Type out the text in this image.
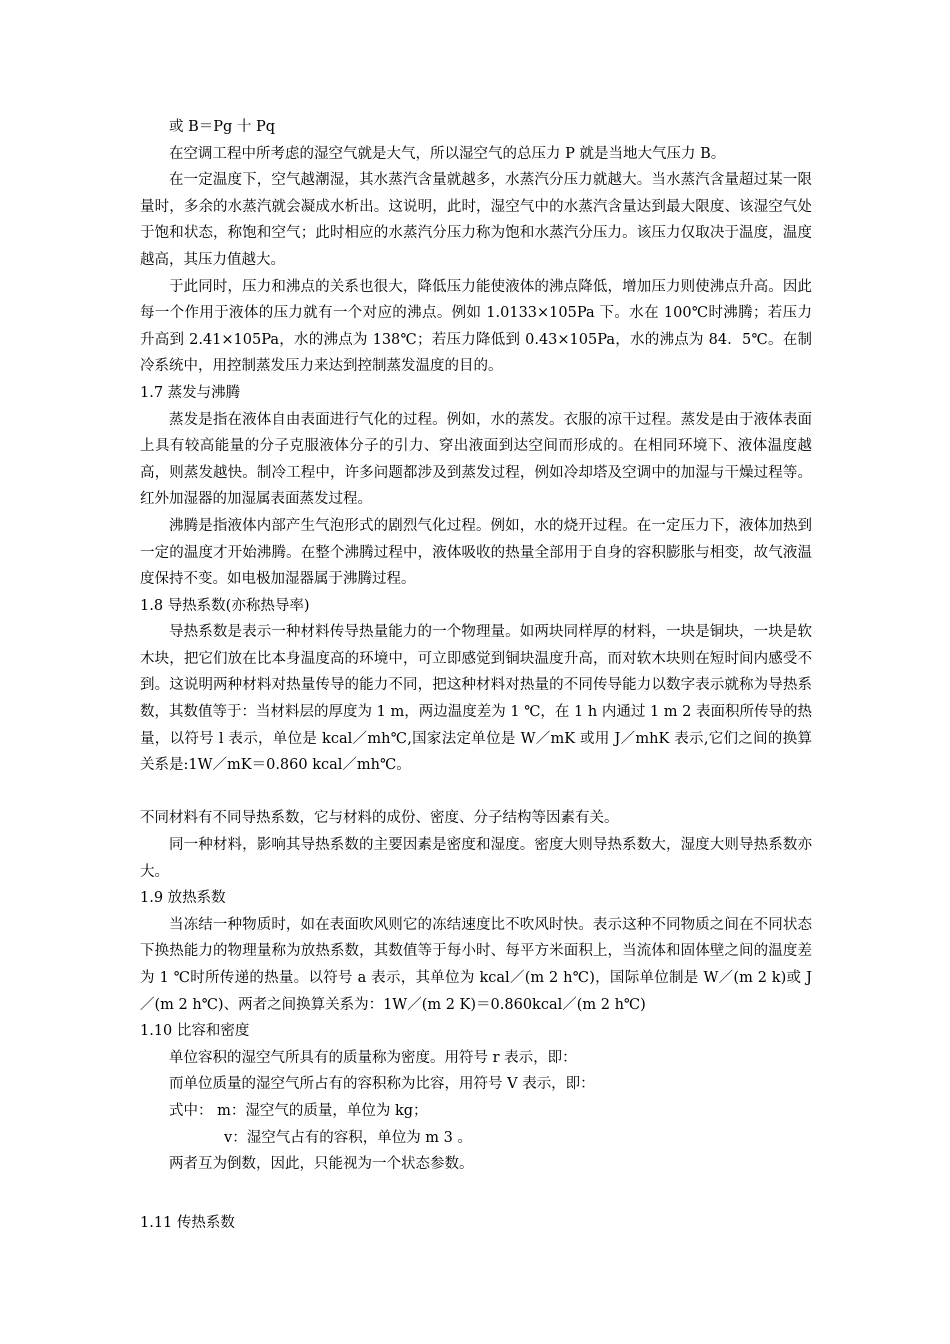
或 B＝Pg 十 Pq

在空调工程中所考虑的湿空气就是大气，所以湿空气的总压力 P 就是当地大气压力 B。

在一定温度下，空气越潮湿，其水蒸汽含量就越多，水蒸汽分压力就越大。当水蒸汽含量超过某一限量时，多余的水蒸汽就会凝成水析出。这说明，此时，湿空气中的水蒸汽含量达到最大限度、该湿空气处于饱和状态，称饱和空气；此时相应的水蒸汽分压力称为饱和水蒸汽分压力。该压力仅取决于温度，温度越高，其压力值越大。

于此同时，压力和沸点的关系也很大，降低压力能使液体的沸点降低，增加压力则使沸点升高。因此每一个作用于液体的压力就有一个对应的沸点。例如 1.0133×105Pa 下。水在 100℃时沸腾；若压力升高到 2.41×105Pa，水的沸点为 138℃；若压力降低到 0.43×105Pa，水的沸点为 84．5℃。在制冷系统中，用控制蒸发压力来达到控制蒸发温度的目的。

1.7 蒸发与沸腾

蒸发是指在液体自由表面进行气化的过程。例如，水的蒸发。衣服的凉干过程。蒸发是由于液体表面上具有较高能量的分子克服液体分子的引力、穿出液面到达空间而形成的。在相同环境下、液体温度越高，则蒸发越快。制冷工程中，许多问题都涉及到蒸发过程，例如冷却塔及空调中的加湿与干燥过程等。红外加湿器的加湿属表面蒸发过程。

沸腾是指液体内部产生气泡形式的剧烈气化过程。例如，水的烧开过程。在一定压力下，液体加热到一定的温度才开始沸腾。在整个沸腾过程中，液体吸收的热量全部用于自身的容积膨胀与相变，故气液温度保持不变。如电极加湿器属于沸腾过程。

1.8 导热系数(亦称热导率)

导热系数是表示一种材料传导热量能力的一个物理量。如两块同样厚的材料，一块是铜块，一块是软木块，把它们放在比本身温度高的环境中，可立即感觉到铜块温度升高，而对软木块则在短时间内感受不到。这说明两种材料对热量传导的能力不同，把这种材料对热量的不同传导能力以数字表示就称为导热系数，其数值等于：当材料层的厚度为 1 m，两边温度差为 1 ℃，在 1 h 内通过 1 m 2 表面积所传导的热量，以符号 l 表示，单位是 kcal／mh℃,国家法定单位是 W／mK 或用 J／mhK 表示,它们之间的换算关系是:1W／mK＝0.860 kcal／mh℃。

不同材料有不同导热系数，它与材料的成份、密度、分子结构等因素有关。

同一种材料，影响其导热系数的主要因素是密度和湿度。密度大则导热系数大，湿度大则导热系数亦大。

1.9 放热系数

当冻结一种物质时，如在表面吹风则它的冻结速度比不吹风时快。表示这种不同物质之间在不同状态下换热能力的物理量称为放热系数，其数值等于每小时、每平方米面积上，当流体和固体壁之间的温度差为 1 ℃时所传递的热量。以符号 a 表示，其单位为 kcal／(m 2 h℃)，国际单位制是 W／(m 2 k)或 J／(m 2 h℃)、两者之间换算关系为：1W／(m 2 K)＝0.860kcal／(m 2 h℃)

1.10 比容和密度

单位容积的湿空气所具有的质量称为密度。用符号 r 表示，即：

而单位质量的湿空气所占有的容积称为比容，用符号 V 表示，即：

式中： m：湿空气的质量，单位为 kg；

v：湿空气占有的容积，单位为 m 3 。

两者互为倒数，因此，只能视为一个状态参数。

1.11 传热系数
